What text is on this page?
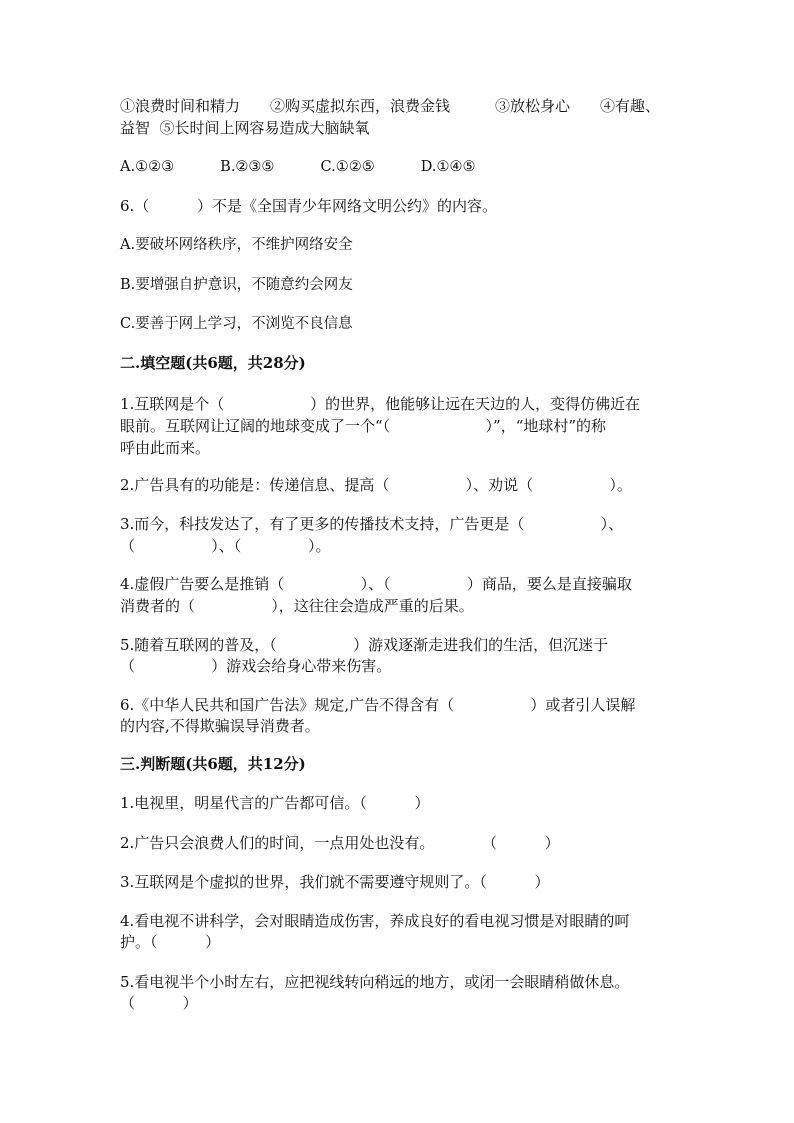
①浪费时间和精力　　②购买虚拟东西，浪费金钱　　　③放松身心　　④有趣、
益智  ⑤长时间上网容易造成大脑缺氧
A.①②③          B.②③⑤          C.①②⑤          D.①④⑤
6.（          ）不是《全国青少年网络文明公约》的内容。
A.要破坏网络秩序，不维护网络安全
B.要增强自护意识，不随意约会网友
C.要善于网上学习，不浏览不良信息
二.填空题(共6题，共28分)
1.互联网是个（                  ）的世界，他能够让远在天边的人，变得仿佛近在
眼前。互联网让辽阔的地球变成了一个“（                    ）”，“地球村”的称
呼由此而来。
2.广告具有的功能是：传递信息、提高（                ）、劝说（                ）。
3.而今，科技发达了，有了更多的传播技术支持，广告更是（                ）、
（                ）、（              ）。
4.虚假广告要么是推销（                ）、（                ）商品，要么是直接骗取
消费者的（                ），这往往会造成严重的后果。
5.随着互联网的普及，（                ）游戏逐渐走进我们的生活，但沉迷于
（                ）游戏会给身心带来伤害。
6.《中华人民共和国广告法》规定,广告不得含有（                ）或者引人误解
的内容,不得欺骗误导消费者。
三.判断题(共6题，共12分)
1.电视里，明星代言的广告都可信。（          ）
2.广告只会浪费人们的时间，一点用处也没有。          （          ）
3.互联网是个虚拟的世界，我们就不需要遵守规则了。（          ）
4.看电视不讲科学，会对眼睛造成伤害，养成良好的看电视习惯是对眼睛的呵
护。（          ）
5.看电视半个小时左右，应把视线转向稍远的地方，或闭一会眼睛稍做休息。
（          ）
